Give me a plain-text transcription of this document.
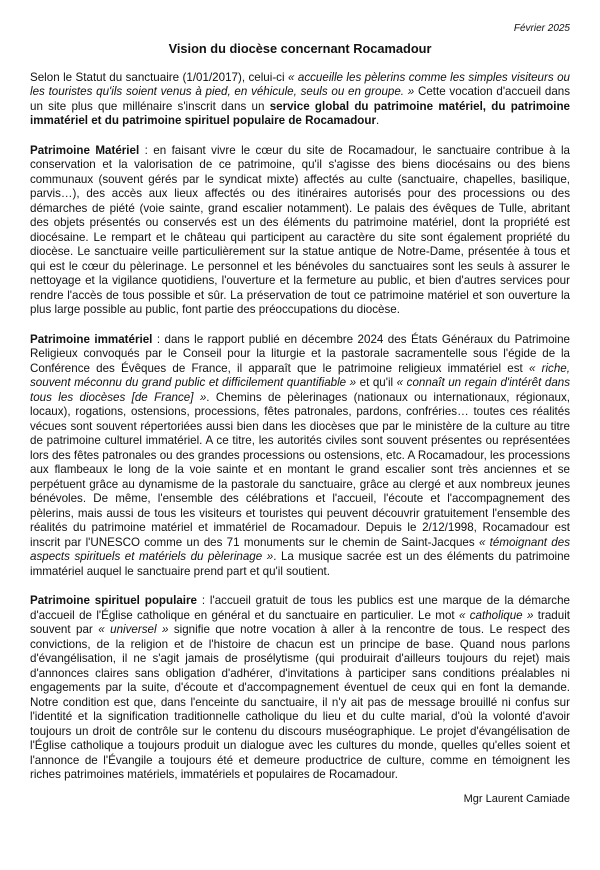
Février 2025
Vision du diocèse concernant Rocamadour

Selon le Statut du sanctuaire (1/01/2017), celui-ci « accueille les pèlerins comme les simples visiteurs ou les touristes qu'ils soient venus à pied, en véhicule, seuls ou en groupe. » Cette vocation d'accueil dans un site plus que millénaire s'inscrit dans un service global du patrimoine matériel, du patrimoine immatériel et du patrimoine spirituel populaire de Rocamadour.

Patrimoine Matériel : en faisant vivre le cœur du site de Rocamadour, le sanctuaire contribue à la conservation et la valorisation de ce patrimoine, qu'il s'agisse des biens diocésains ou des biens communaux (souvent gérés par le syndicat mixte) affectés au culte (sanctuaire, chapelles, basilique, parvis…), des accès aux lieux affectés ou des itinéraires autorisés pour des processions ou des démarches de piété (voie sainte, grand escalier notamment). Le palais des évêques de Tulle, abritant des objets présentés ou conservés est un des éléments du patrimoine matériel, dont la propriété est diocésaine. Le rempart et le château qui participent au caractère du site sont également propriété du diocèse. Le sanctuaire veille particulièrement sur la statue antique de Notre-Dame, présentée à tous et qui est le cœur du pèlerinage. Le personnel et les bénévoles du sanctuaires sont les seuls à assurer le nettoyage et la vigilance quotidiens, l'ouverture et la fermeture au public, et bien d'autres services pour rendre l'accès de tous possible et sûr. La préservation de tout ce patrimoine matériel et son ouverture la plus large possible au public, font partie des préoccupations du diocèse.

Patrimoine immatériel : dans le rapport publié en décembre 2024 des États Généraux du Patrimoine Religieux convoqués par le Conseil pour la liturgie et la pastorale sacramentelle sous l'égide de la Conférence des Évêques de France, il apparaît que le patrimoine religieux immatériel est « riche, souvent méconnu du grand public et difficilement quantifiable » et qu'il « connaît un regain d'intérêt dans tous les diocèses [de France] ». Chemins de pèlerinages (nationaux ou internationaux, régionaux, locaux), rogations, ostensions, processions, fêtes patronales, pardons, confréries… toutes ces réalités vécues sont souvent répertoriées aussi bien dans les diocèses que par le ministère de la culture au titre de patrimoine culturel immatériel. A ce titre, les autorités civiles sont souvent présentes ou représentées lors des fêtes patronales ou des grandes processions ou ostensions, etc. A Rocamadour, les processions aux flambeaux le long de la voie sainte et en montant le grand escalier sont très anciennes et se perpétuent grâce au dynamisme de la pastorale du sanctuaire, grâce au clergé et aux nombreux jeunes bénévoles. De même, l'ensemble des célébrations et l'accueil, l'écoute et l'accompagnement des pèlerins, mais aussi de tous les visiteurs et touristes qui peuvent découvrir gratuitement l'ensemble des réalités du patrimoine matériel et immatériel de Rocamadour. Depuis le 2/12/1998, Rocamadour est inscrit par l'UNESCO comme un des 71 monuments sur le chemin de Saint-Jacques « témoignant des aspects spirituels et matériels du pèlerinage ». La musique sacrée est un des éléments du patrimoine immatériel auquel le sanctuaire prend part et qu'il soutient.

Patrimoine spirituel populaire : l'accueil gratuit de tous les publics est une marque de la démarche d'accueil de l'Église catholique en général et du sanctuaire en particulier. Le mot « catholique » traduit souvent par « universel » signifie que notre vocation à aller à la rencontre de tous. Le respect des convictions, de la religion et de l'histoire de chacun est un principe de base. Quand nous parlons d'évangélisation, il ne s'agit jamais de prosélytisme (qui produirait d'ailleurs toujours du rejet) mais d'annonces claires sans obligation d'adhérer, d'invitations à participer sans conditions préalables ni engagements par la suite, d'écoute et d'accompagnement éventuel de ceux qui en font la demande. Notre condition est que, dans l'enceinte du sanctuaire, il n'y ait pas de message brouillé ni confus sur l'identité et la signification traditionnelle catholique du lieu et du culte marial, d'où la volonté d'avoir toujours un droit de contrôle sur le contenu du discours muséographique. Le projet d'évangélisation de l'Église catholique a toujours produit un dialogue avec les cultures du monde, quelles qu'elles soient et l'annonce de l'Évangile a toujours été et demeure productrice de culture, comme en témoignent les riches patrimoines matériels, immatériels et populaires de Rocamadour.

Mgr Laurent Camiade
